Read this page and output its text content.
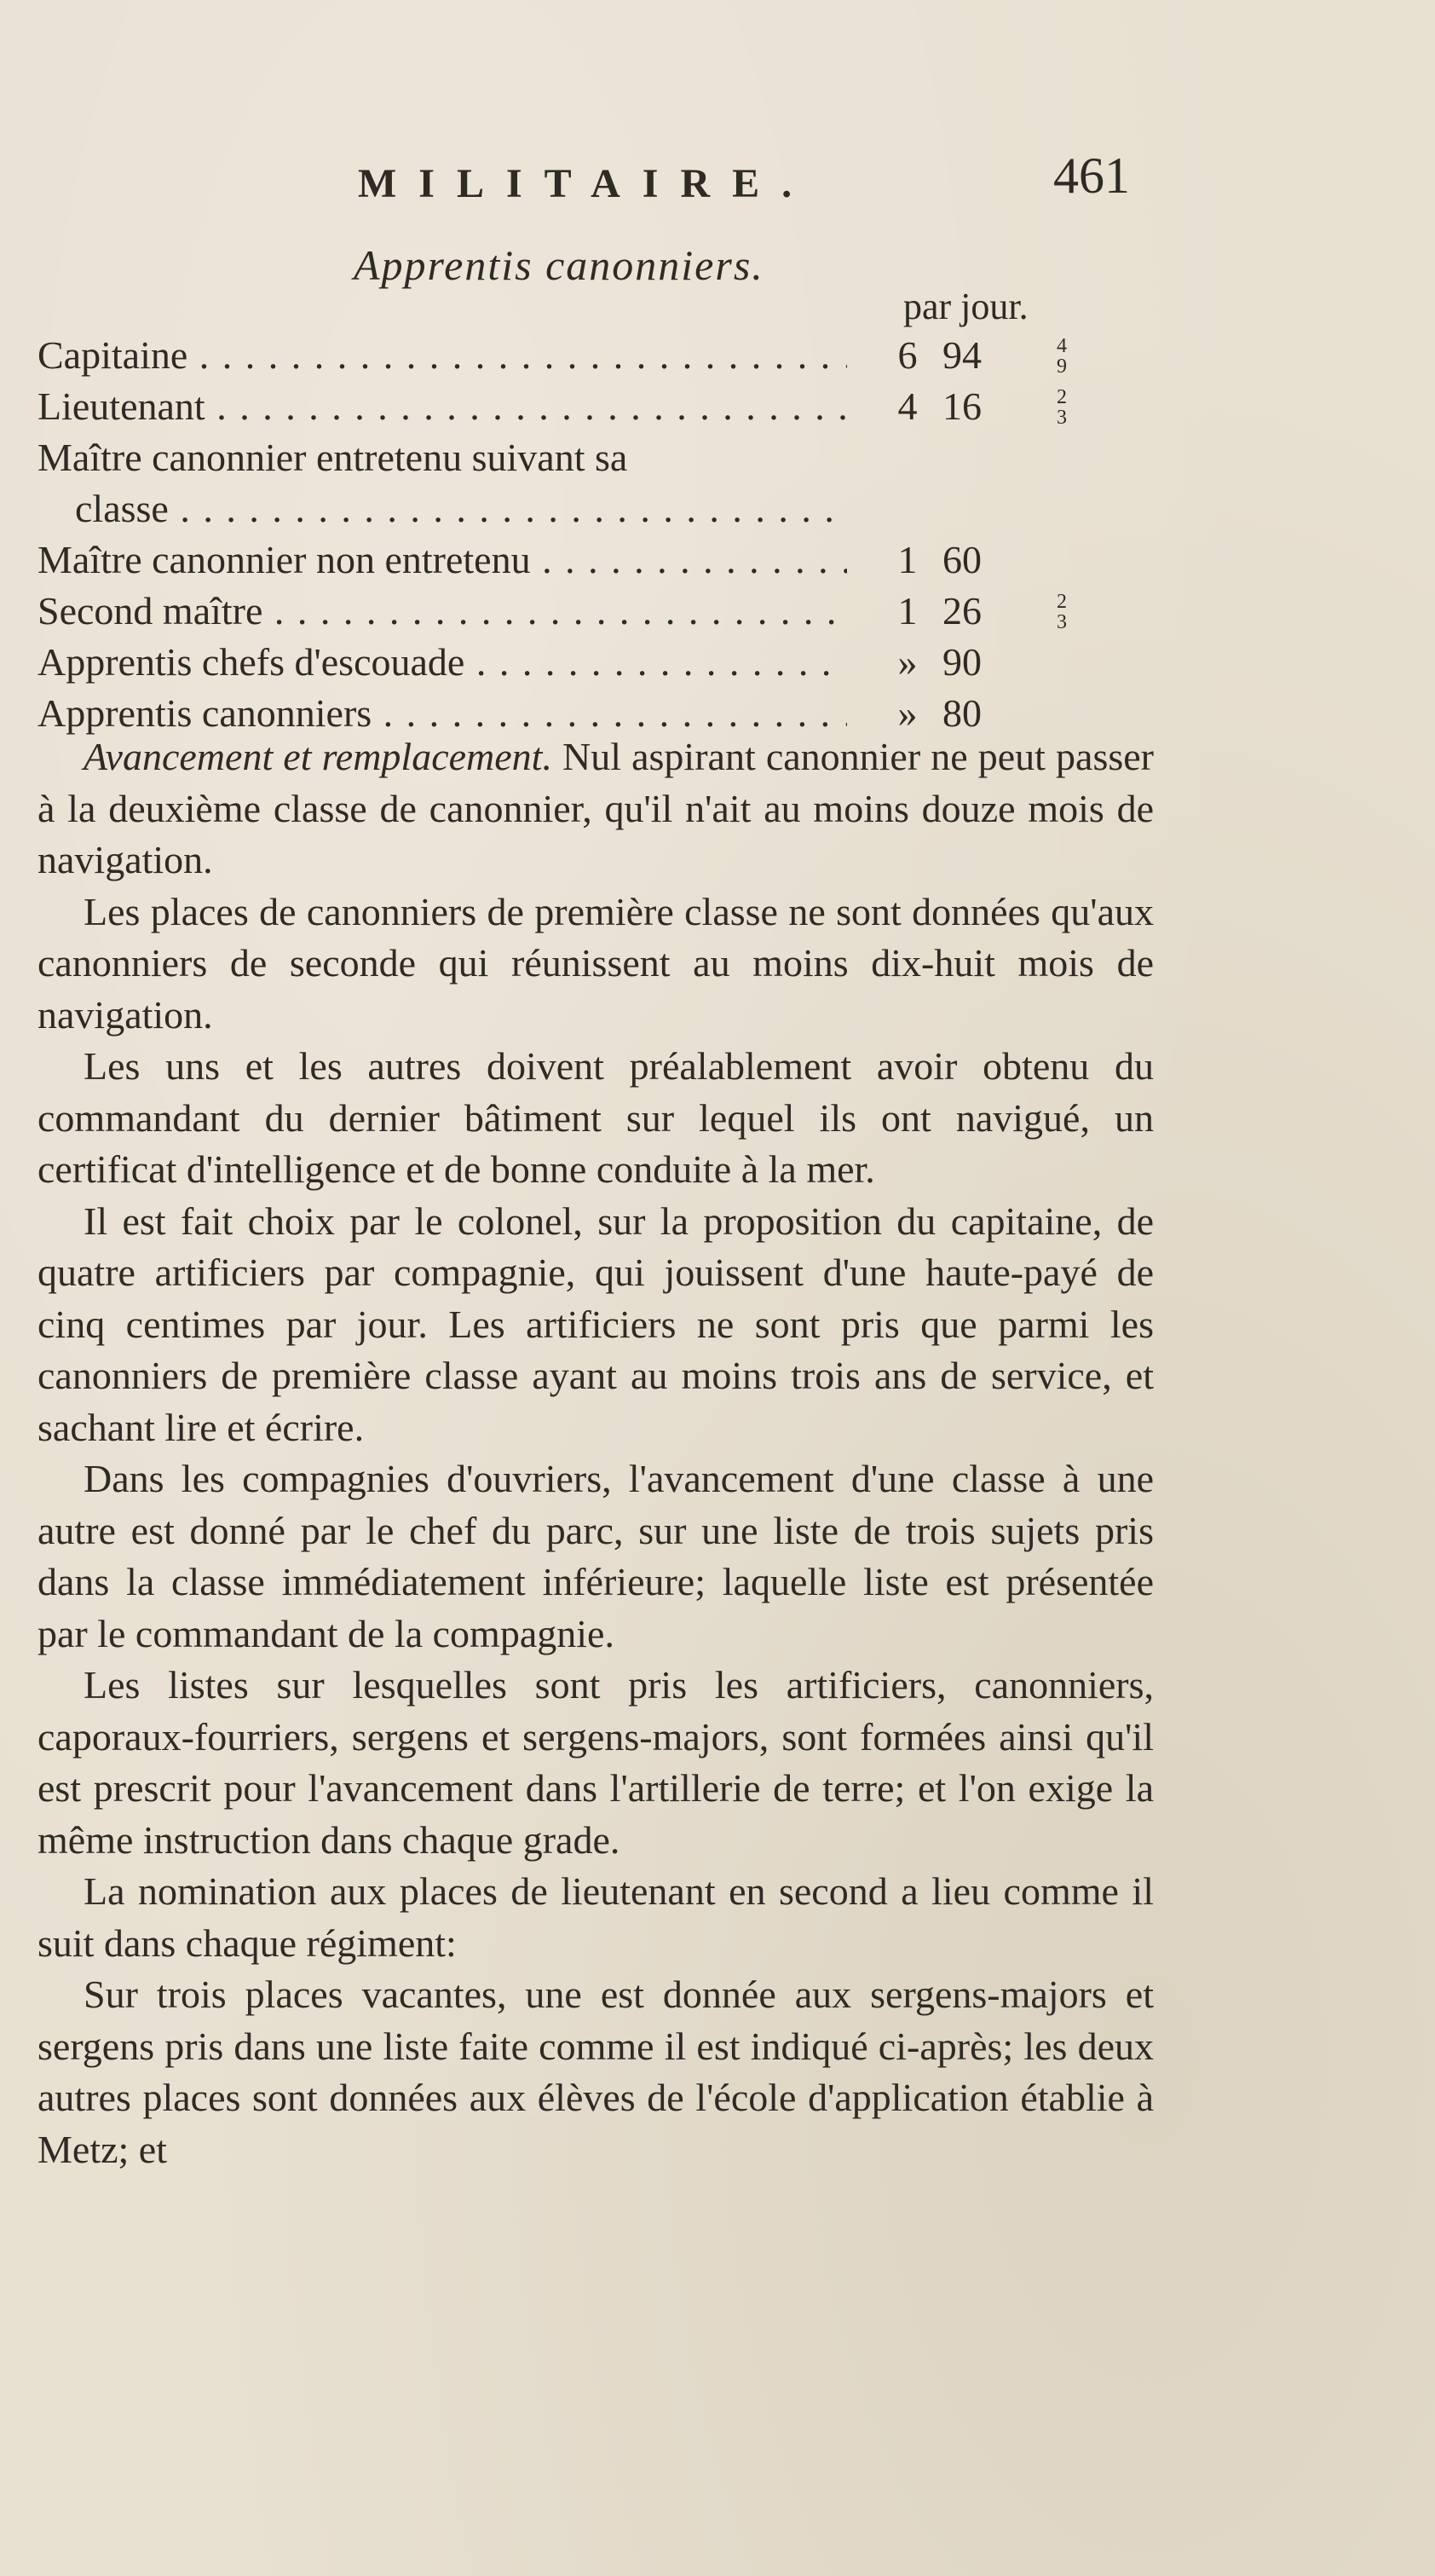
MILITAIRE.	461
Apprentis canonniers.
par jour.
Capitaine . . .	6 94	4
9
Lieutenant . . .	4 16	2
3
Maître canonnier entretenu suivant sa
classe . . .
Maître canonnier non entretenu . . .	1 60
Second maître . . .	1 26	2
3
Apprentis chefs d'escouade . . .	» 90
Apprentis canonniers . . .	» 80

Avancement et remplacement. Nul aspirant canonnier ne peut passer à la deuxième classe de canonnier, qu'il n'ait au moins douze mois de navigation.

Les places de canonniers de première classe ne sont données qu'aux canonniers de seconde qui réunissent au moins dix-huit mois de navigation.

Les uns et les autres doivent préalablement avoir obtenu du commandant du dernier bâtiment sur lequel ils ont navigué, un certificat d'intelligence et de bonne conduite à la mer.

Il est fait choix par le colonel, sur la proposition du capitaine, de quatre artificiers par compagnie, qui jouissent d'une haute-payé de cinq centimes par jour. Les artificiers ne sont pris que parmi les canonniers de première classe ayant au moins trois ans de service, et sachant lire et écrire.

Dans les compagnies d'ouvriers, l'avancement d'une classe à une autre est donné par le chef du parc, sur une liste de trois sujets pris dans la classe immédiatement inférieure; laquelle liste est présentée par le commandant de la compagnie.

Les listes sur lesquelles sont pris les artificiers, canonniers, caporaux-fourriers, sergens et sergens-majors, sont formées ainsi qu'il est prescrit pour l'avancement dans l'artillerie de terre; et l'on exige la même instruction dans chaque grade.

La nomination aux places de lieutenant en second a lieu comme il suit dans chaque régiment:

Sur trois places vacantes, une est donnée aux sergens-majors et sergens pris dans une liste faite comme il est indiqué ci-après; les deux autres places sont données aux élèves de l'école d'application établie à Metz; et
